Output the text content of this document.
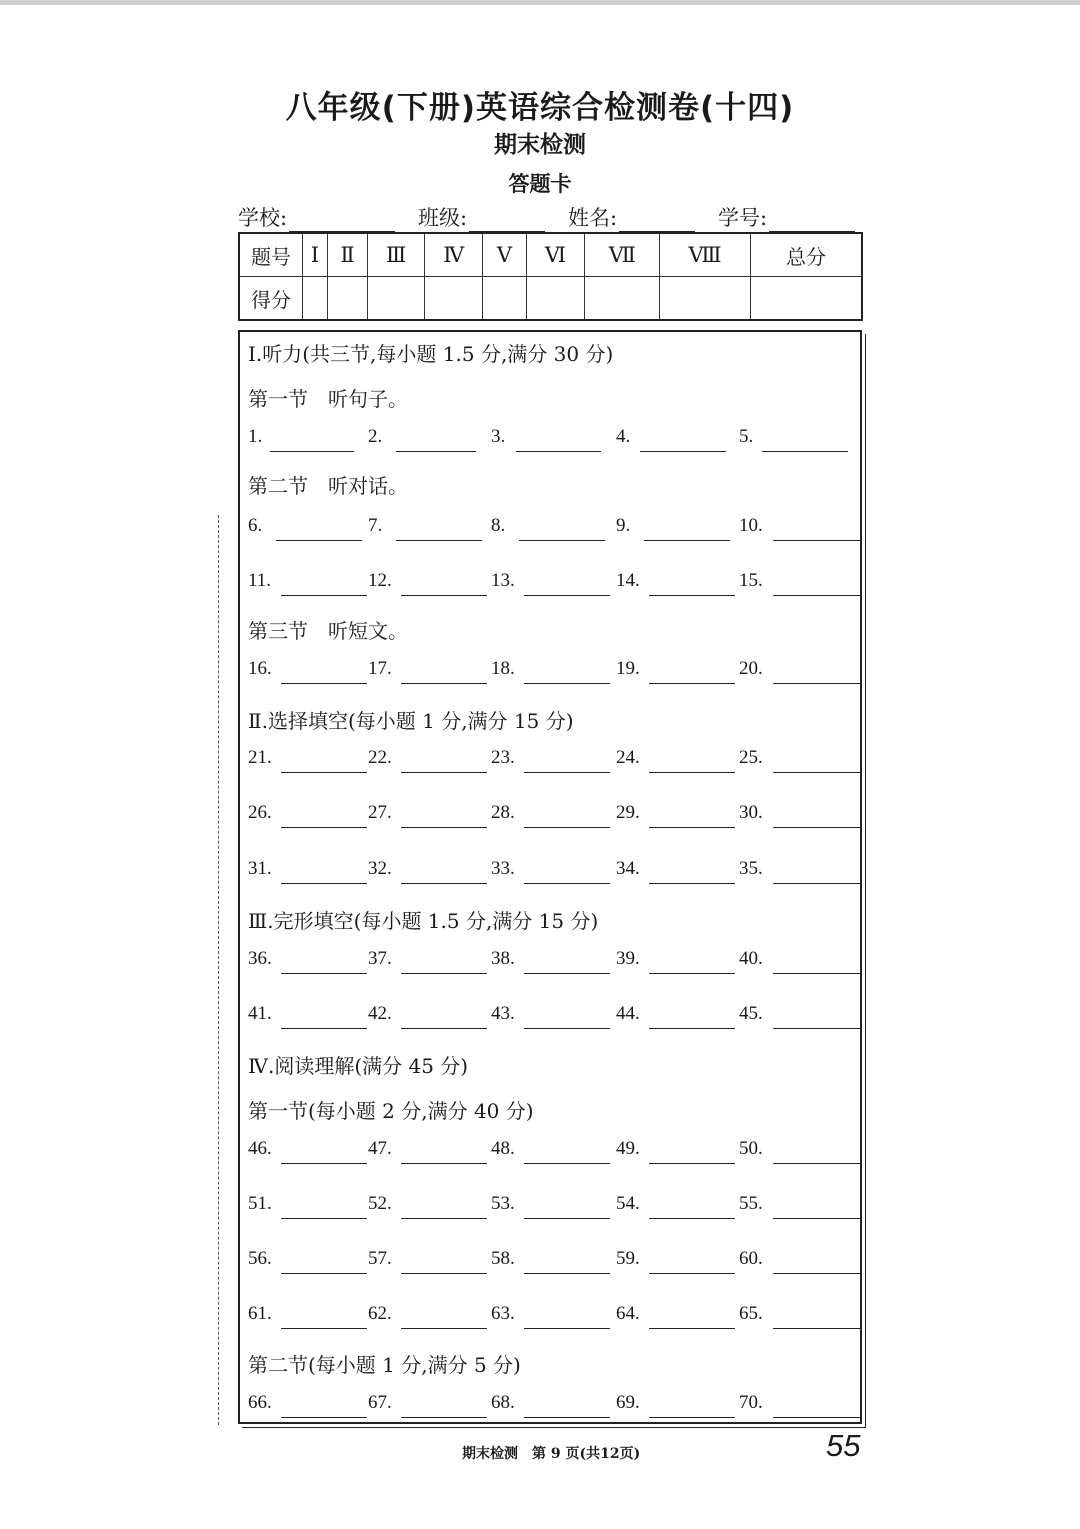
八年级(下册)英语综合检测卷(十四)
期末检测
答题卡
学校:	班级:	姓名:	学号:
题号	Ⅰ	Ⅱ	Ⅲ	Ⅳ	Ⅴ	Ⅵ	Ⅶ	Ⅷ	总分
得分									
Ⅰ.听力(共三节,每小题 1.5 分,满分 30 分)
第一节　听句子。
第二节　听对话。
第三节　听短文。
Ⅱ.选择填空(每小题 1 分,满分 15 分)
Ⅲ.完形填空(每小题 1.5 分,满分 15 分)
Ⅳ.阅读理解(满分 45 分)
第一节(每小题 2 分,满分 40 分)
第二节(每小题 1 分,满分 5 分)
1.	2.	3.	4.	5.
6.	7.	8.	9.	10.
11.	12.	13.	14.	15.
16.	17.	18.	19.	20.
21.	22.	23.	24.	25.
26.	27.	28.	29.	30.
31.	32.	33.	34.	35.
36.	37.	38.	39.	40.
41.	42.	43.	44.	45.
46.	47.	48.	49.	50.
51.	52.	53.	54.	55.
56.	57.	58.	59.	60.
61.	62.	63.	64.	65.
66.	67.	68.	69.	70.
期末检测　第 9 页(共12页)	55
